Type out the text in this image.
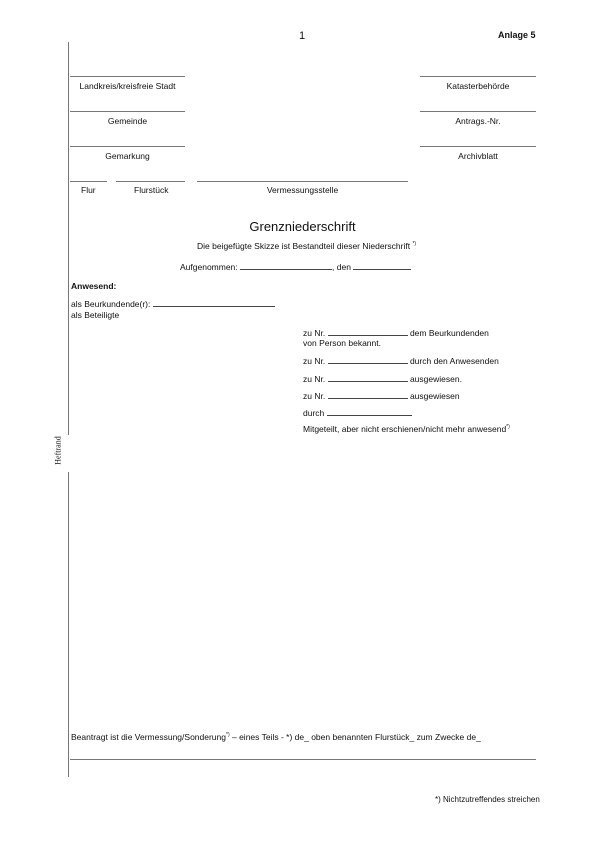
1	Anlage 5
Heftrand
Landkreis/kreisfreie Stadt	Katasterbehörde
Gemeinde	Antrags.-Nr.
Gemarkung	Archivblatt
Flur	Flurstück	Vermessungsstelle
Grenzniederschrift
Die beigefügte Skizze ist Bestandteil dieser Niederschrift *)
Aufgenommen:	, den
Anwesend:
als Beurkundende(r):
als Beteiligte
zu Nr.	dem Beurkundenden
von Person bekannt.
zu Nr.	durch den Anwesenden
zu Nr.	ausgewiesen.
zu Nr.	ausgewiesen
durch
Mitgeteilt, aber nicht erschienen/nicht mehr anwesend*)
Beantragt ist die Vermessung/Sonderung*) – eines Teils - *) de_ oben benannten Flurstück_ zum Zwecke de_
*) Nichtzutreffendes streichen
